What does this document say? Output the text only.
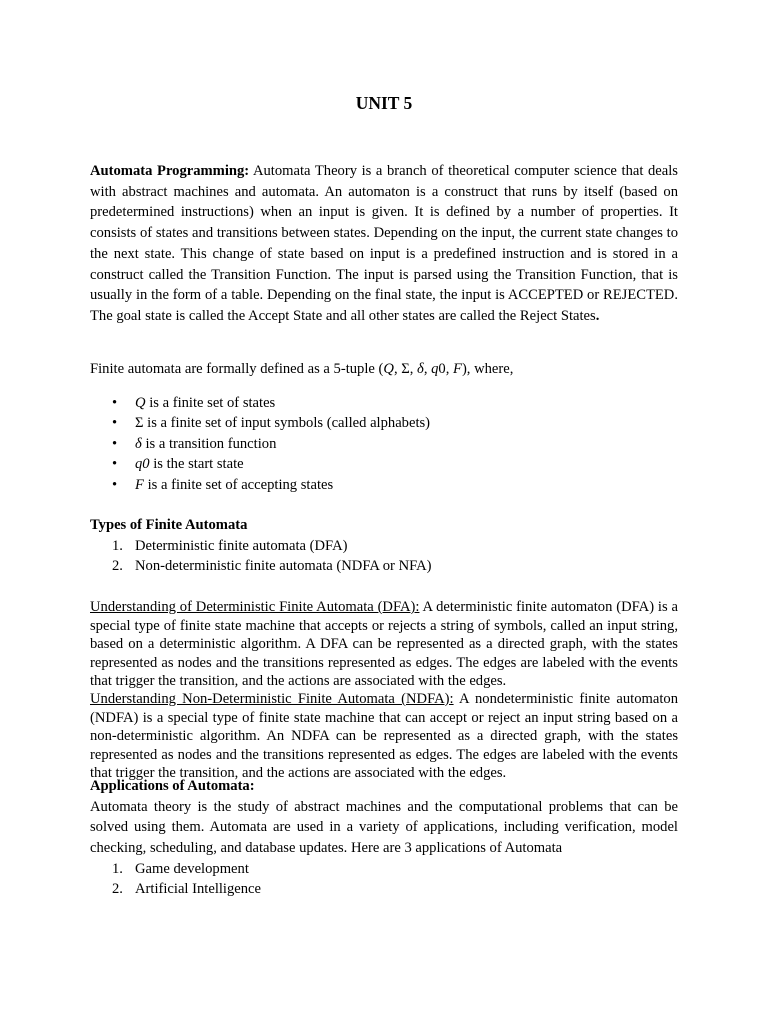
UNIT 5
Automata Programming: Automata Theory is a branch of theoretical computer science that deals with abstract machines and automata. An automaton is a construct that runs by itself (based on predetermined instructions) when an input is given. It is defined by a number of properties. It consists of states and transitions between states. Depending on the input, the current state changes to the next state. This change of state based on input is a predefined instruction and is stored in a construct called the Transition Function. The input is parsed using the Transition Function, that is usually in the form of a table. Depending on the final state, the input is ACCEPTED or REJECTED. The goal state is called the Accept State and all other states are called the Reject States.
Finite automata are formally defined as a 5-tuple (Q, Σ, δ, q0, F), where,
• Q is a finite set of states
• Σ is a finite set of input symbols (called alphabets)
• δ is a transition function
• q0 is the start state
• F is a finite set of accepting states

Types of Finite Automata

1. Deterministic finite automata (DFA)
2. Non-deterministic finite automata (NDFA or NFA)
Understanding of Deterministic Finite Automata (DFA): A deterministic finite automaton (DFA) is a special type of finite state machine that accepts or rejects a string of symbols, called an input string, based on a deterministic algorithm. A DFA can be represented as a directed graph, with the states represented as nodes and the transitions represented as edges. The edges are labeled with the events that trigger the transition, and the actions are associated with the edges.
Understanding Non-Deterministic Finite Automata (NDFA): A nondeterministic finite automaton (NDFA) is a special type of finite state machine that can accept or reject an input string based on a non-deterministic algorithm. An NDFA can be represented as a directed graph, with the states represented as nodes and the transitions represented as edges. The edges are labeled with the events that trigger the transition, and the actions are associated with the edges.

Applications of Automata:

Automata theory is the study of abstract machines and the computational problems that can be solved using them. Automata are used in a variety of applications, including verification, model checking, scheduling, and database updates. Here are 3 applications of Automata

1. Game development
2. Artificial Intelligence
